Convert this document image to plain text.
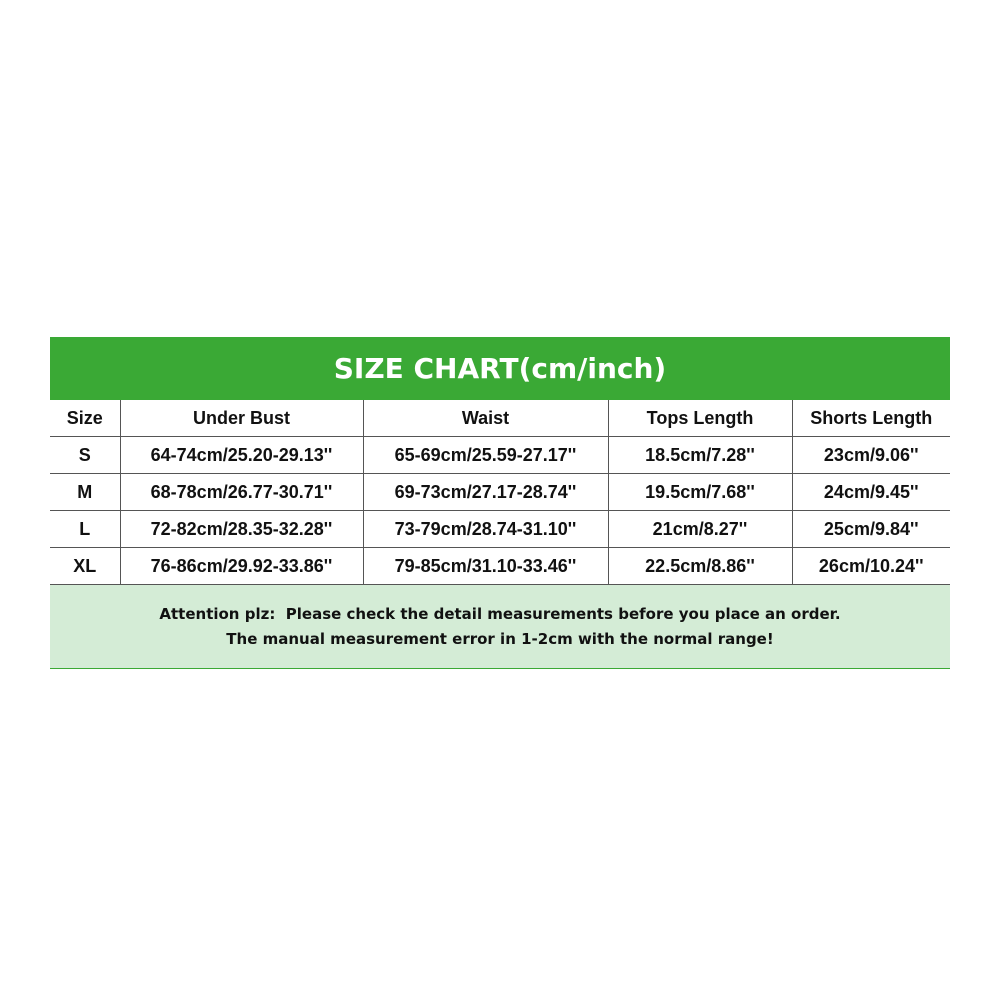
SIZE CHART(cm/inch)
Size	Under Bust	Waist	Tops Length	Shorts Length
S	64-74cm/25.20-29.13''	65-69cm/25.59-27.17''	18.5cm/7.28''	23cm/9.06''
M	68-78cm/26.77-30.71''	69-73cm/27.17-28.74''	19.5cm/7.68''	24cm/9.45''
L	72-82cm/28.35-32.28''	73-79cm/28.74-31.10''	21cm/8.27''	25cm/9.84''
XL	76-86cm/29.92-33.86''	79-85cm/31.10-33.46''	22.5cm/8.86''	26cm/10.24''
Attention plz:  Please check the detail measurements before you place an order.
The manual measurement error in 1-2cm with the normal range!
